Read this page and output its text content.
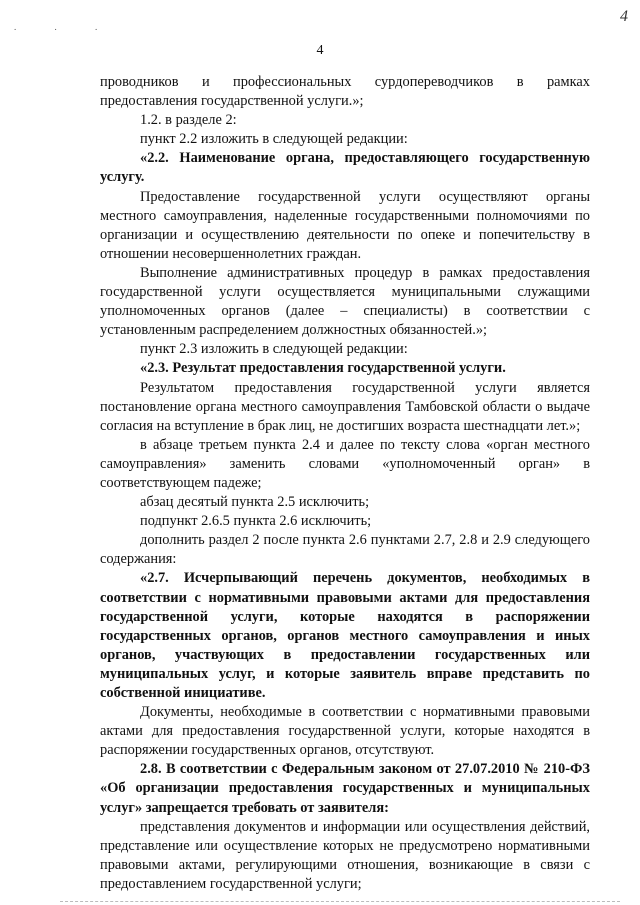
4
. . .
4

проводников и профессиональных сурдопереводчиков в рамках предоставления государственной услуги.»;

1.2. в разделе 2:

пункт 2.2 изложить в следующей редакции:

«2.2. Наименование органа, предоставляющего государственную услугу.

Предоставление государственной услуги осуществляют органы местного самоуправления, наделенные государственными полномочиями по организации и осуществлению деятельности по опеке и попечительству в отношении несовершеннолетних граждан.

Выполнение административных процедур в рамках предоставления государственной услуги осуществляется муниципальными служащими уполномоченных органов (далее – специалисты) в соответствии с установленным распределением должностных обязанностей.»;

пункт 2.3 изложить в следующей редакции:

«2.3. Результат предоставления государственной услуги.

Результатом предоставления государственной услуги является постановление органа местного самоуправления Тамбовской области о выдаче согласия на вступление в брак лиц, не достигших возраста шестнадцати лет.»;

в абзаце третьем пункта 2.4 и далее по тексту слова «орган местного самоуправления» заменить словами «уполномоченный орган» в соответствующем падеже;

абзац десятый пункта 2.5 исключить;

подпункт 2.6.5 пункта 2.6 исключить;

дополнить раздел 2 после пункта 2.6 пунктами 2.7, 2.8 и 2.9 следующего содержания:

«2.7. Исчерпывающий перечень документов, необходимых в соответствии с нормативными правовыми актами для предоставления государственной услуги, которые находятся в распоряжении государственных органов, органов местного самоуправления и иных органов, участвующих в предоставлении государственных или муниципальных услуг, и которые заявитель вправе представить по собственной инициативе.

Документы, необходимые в соответствии с нормативными правовыми актами для предоставления государственной услуги, которые находятся в распоряжении государственных органов, отсутствуют.

2.8. В соответствии с Федеральным законом от 27.07.2010 № 210-ФЗ «Об организации предоставления государственных и муниципальных услуг» запрещается требовать от заявителя:

представления документов и информации или осуществления действий, представление или осуществление которых не предусмотрено нормативными правовыми актами, регулирующими отношения, возникающие в связи с предоставлением государственной услуги;
